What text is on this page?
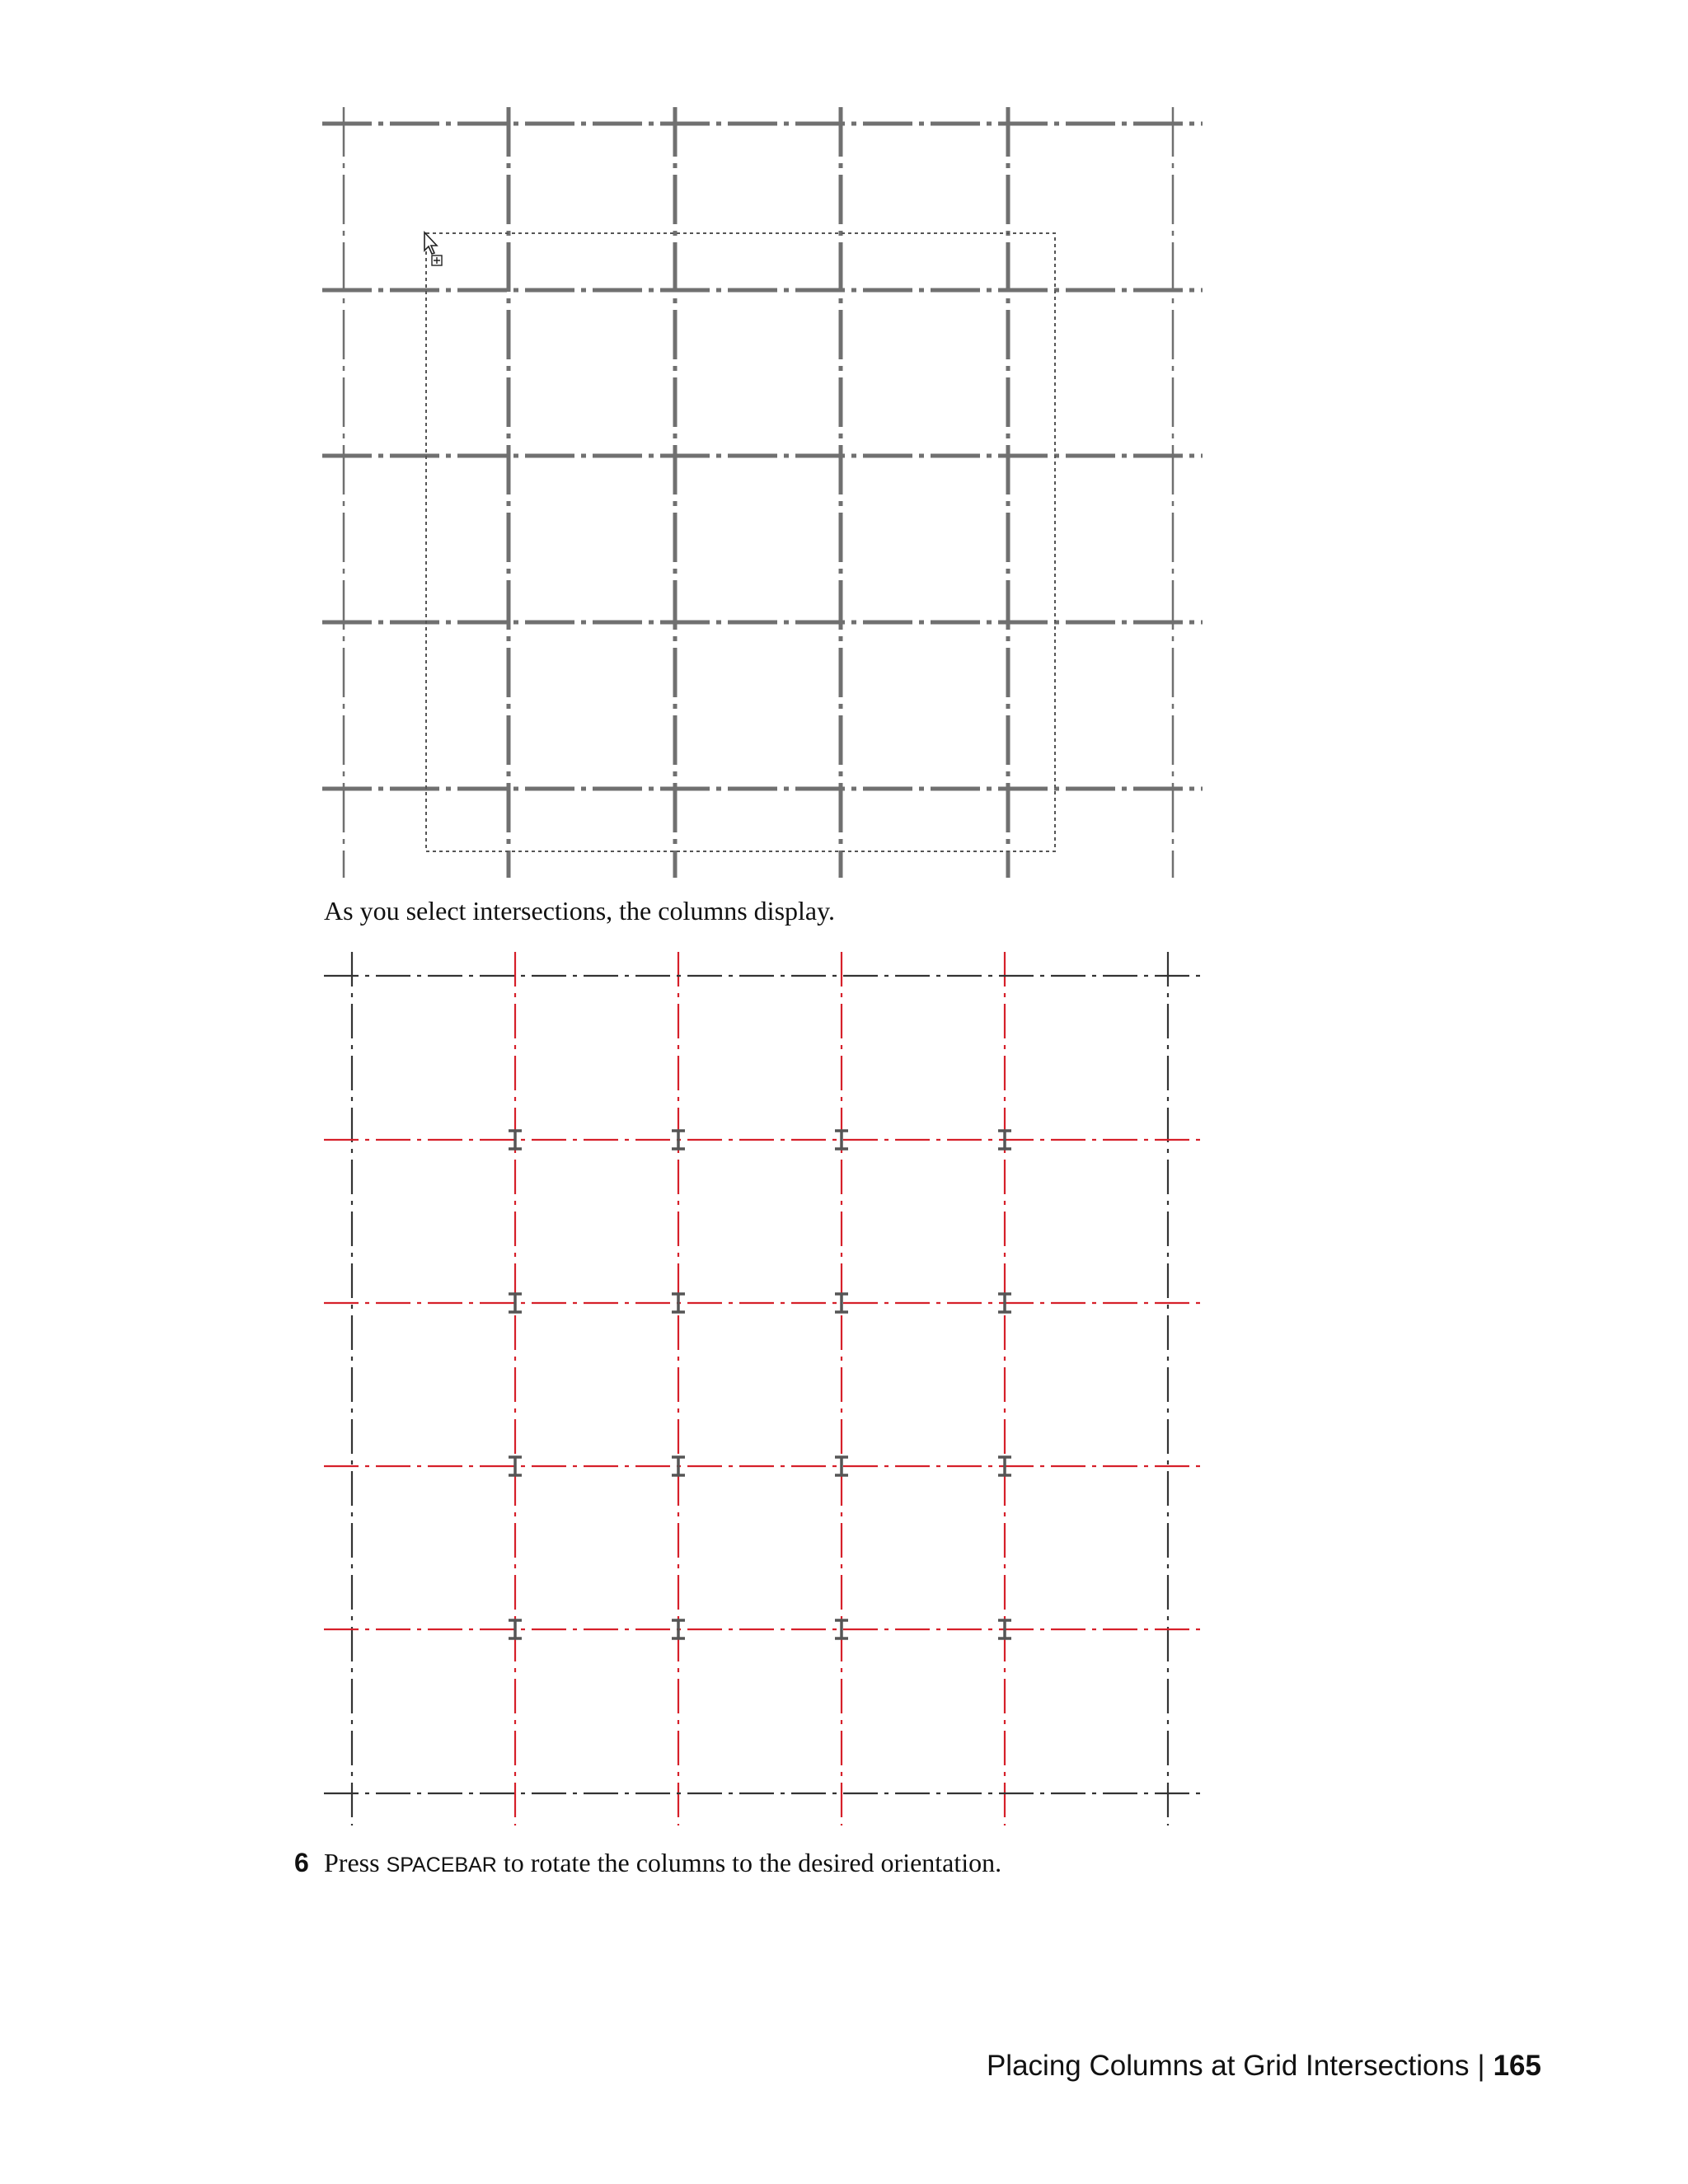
As you select intersections, the columns display.
6 Press SPACEBAR to rotate the columns to the desired orientation.
Placing Columns at Grid Intersections | 165
